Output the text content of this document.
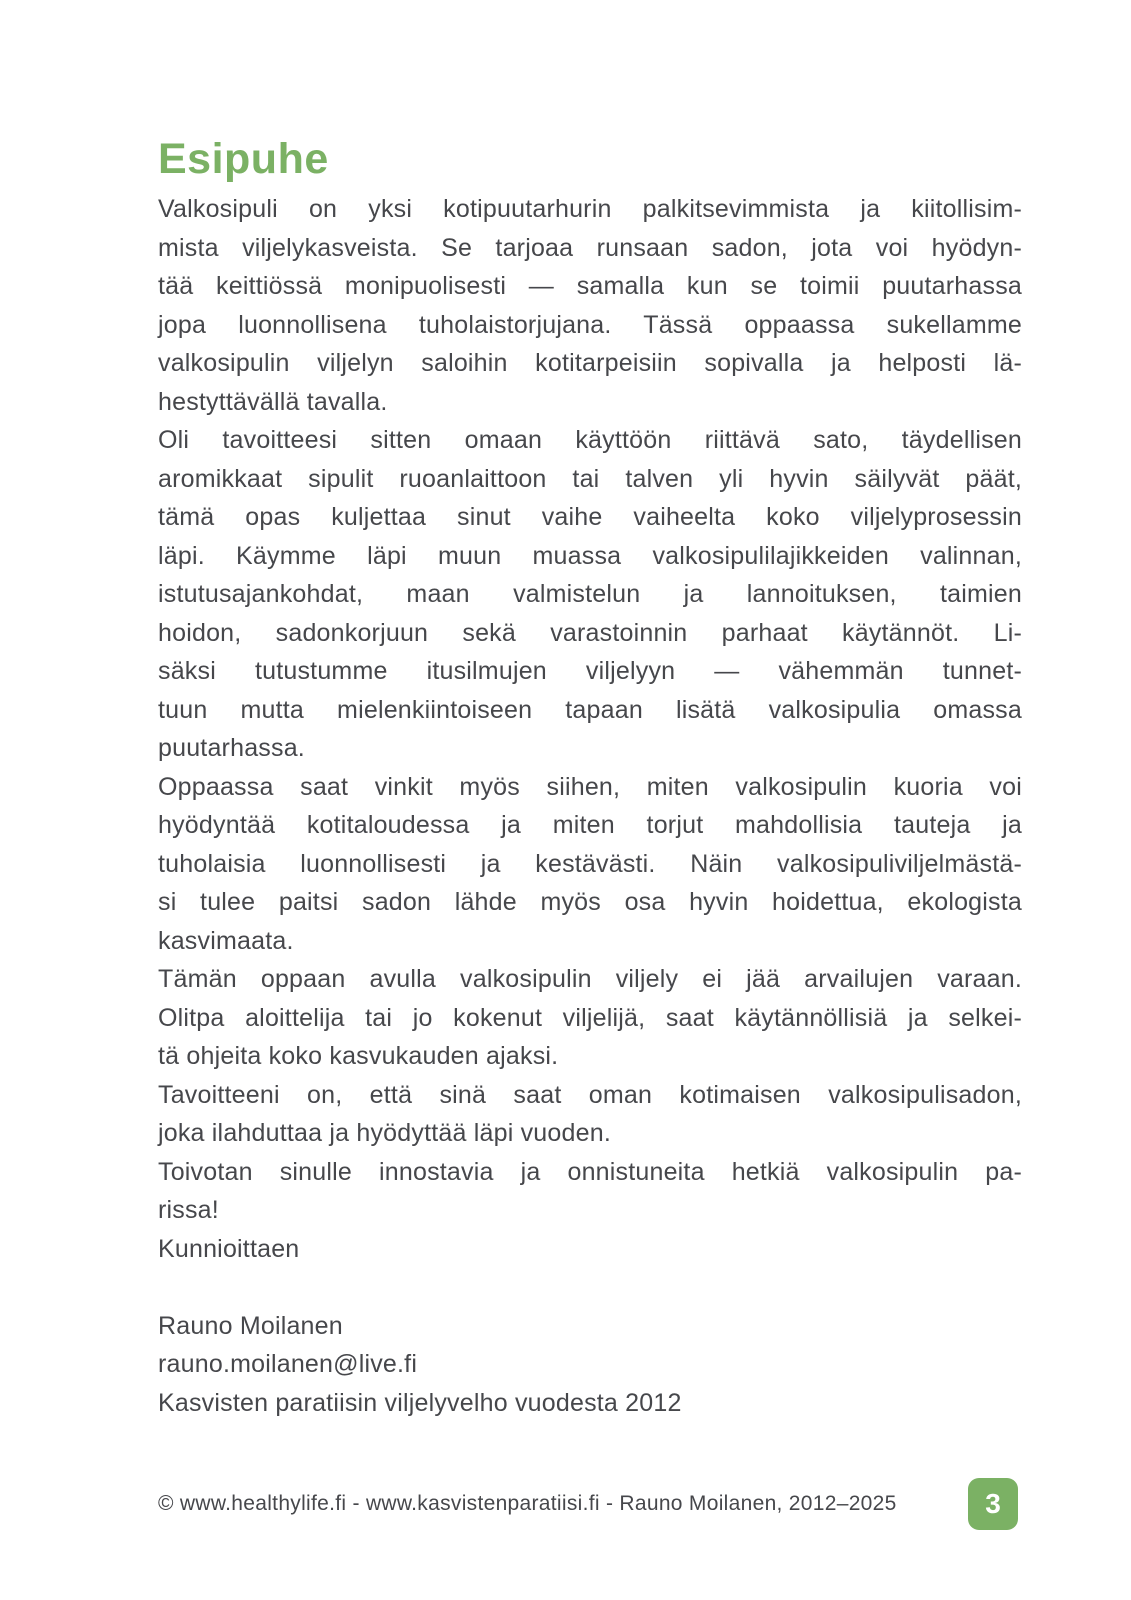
Esipuhe
Valkosipuli on yksi kotipuutarhurin palkitsevimmista ja kiitollisim-
mista viljelykasveista. Se tarjoaa runsaan sadon, jota voi hyödyn-
tää keittiössä monipuolisesti — samalla kun se toimii puutarhassa
jopa luonnollisena tuholaistorjujana. Tässä oppaassa sukellamme
valkosipulin viljelyn saloihin kotitarpeisiin sopivalla ja helposti lä-
hestyttävällä tavalla.
Oli tavoitteesi sitten omaan käyttöön riittävä sato, täydellisen
aromikkaat sipulit ruoanlaittoon tai talven yli hyvin säilyvät päät,
tämä opas kuljettaa sinut vaihe vaiheelta koko viljelyprosessin
läpi. Käymme läpi muun muassa valkosipulilajikkeiden valinnan,
istutusajankohdat, maan valmistelun ja lannoituksen, taimien
hoidon, sadonkorjuun sekä varastoinnin parhaat käytännöt. Li-
säksi tutustumme itusilmujen viljelyyn — vähemmän tunnet-
tuun mutta mielenkiintoiseen tapaan lisätä valkosipulia omassa
puutarhassa.
Oppaassa saat vinkit myös siihen, miten valkosipulin kuoria voi
hyödyntää kotitaloudessa ja miten torjut mahdollisia tauteja ja
tuholaisia luonnollisesti ja kestävästi. Näin valkosipuliviljelmästä-
si tulee paitsi sadon lähde myös osa hyvin hoidettua, ekologista
kasvimaata.
Tämän oppaan avulla valkosipulin viljely ei jää arvailujen varaan.
Olitpa aloittelija tai jo kokenut viljelijä, saat käytännöllisiä ja selkei-
tä ohjeita koko kasvukauden ajaksi.
Tavoitteeni on, että sinä saat oman kotimaisen valkosipulisadon,
joka ilahduttaa ja hyödyttää läpi vuoden.
Toivotan sinulle innostavia ja onnistuneita hetkiä valkosipulin pa-
rissa!
Kunnioittaen
Rauno Moilanen
rauno.moilanen@live.fi
Kasvisten paratiisin viljelyvelho vuodesta 2012
© www.healthylife.fi - www.kasvistenparatiisi.fi - Rauno Moilanen, 2012–2025	3
